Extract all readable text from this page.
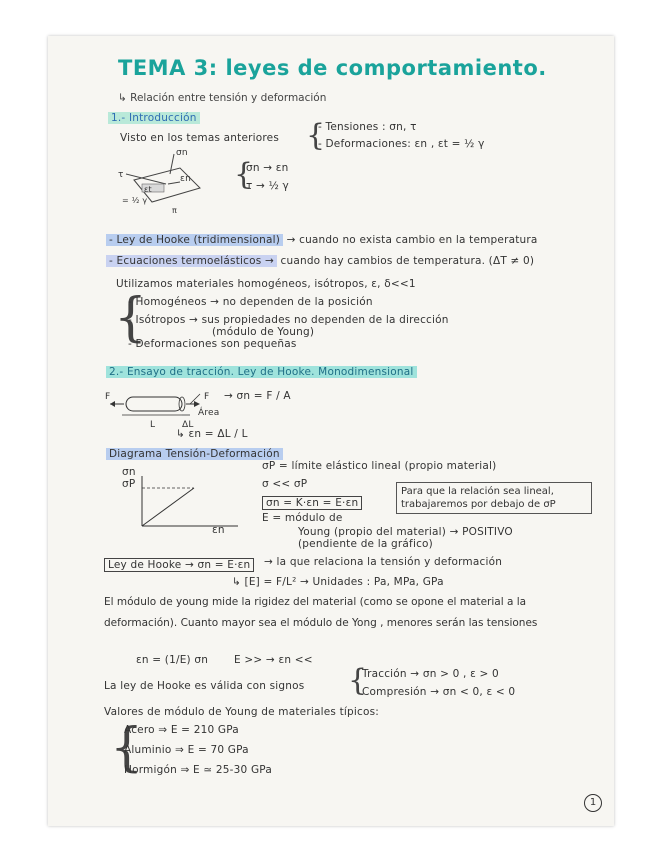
TEMA 3: leyes de comportamiento.
↳ Relación entre tensión y deformación
1.- Introducción
Visto en los temas anteriores {
- Tensiones : σn, τ
- Deformaciones: εn , εt = ½ γ
σn
τ	εn
εt
= ½ γ
π
{
σn → εn
τ → ½ γ
- Ley de Hooke (tridimensional) → cuando no exista cambio en la temperatura
- Ecuaciones termoelásticos → cuando hay cambios de temperatura. (ΔT ≠ 0)
Utilizamos materiales homogéneos, isótropos, ε, δ<<1
{
- Homogéneos → no dependen de la posición
- Isótropos → sus propiedades no dependen de la dirección
(módulo de Young)
- Deformaciones son pequeñas
2.- Ensayo de tracción. Ley de Hooke. Monodimensional
F	F
Área
L	ΔL
→ σn = F / A
↳ εn = ΔL / L
Diagrama Tensión-Deformación
σn
σP
εn
σP = límite elástico lineal (propio material)
σ << σP
σn = K·εn = E·εn
E = módulo de
Young (propio del material) → POSITIVO
(pendiente de la gráfico)
Para que la relación sea lineal, trabajaremos por debajo de σP
Ley de Hooke → σn = E·εn	→ la que relaciona la tensión y deformación
↳ [E] = F/L² → Unidades : Pa, MPa, GPa
El módulo de young mide la rigidez del material (como se opone el material a la deformación). Cuanto mayor sea el módulo de Yong , menores serán las tensiones
εn = (1/E) σn E >> → εn <<
La ley de Hooke es válida con signos {
Tracción → σn > 0 , ε > 0
Compresión → σn < 0, ε < 0
Valores de módulo de Young de materiales típicos:
{
Acero ⇒ E = 210 GPa
Aluminio ⇒ E = 70 GPa
Hormigón ⇒ E ≃ 25-30 GPa
1
